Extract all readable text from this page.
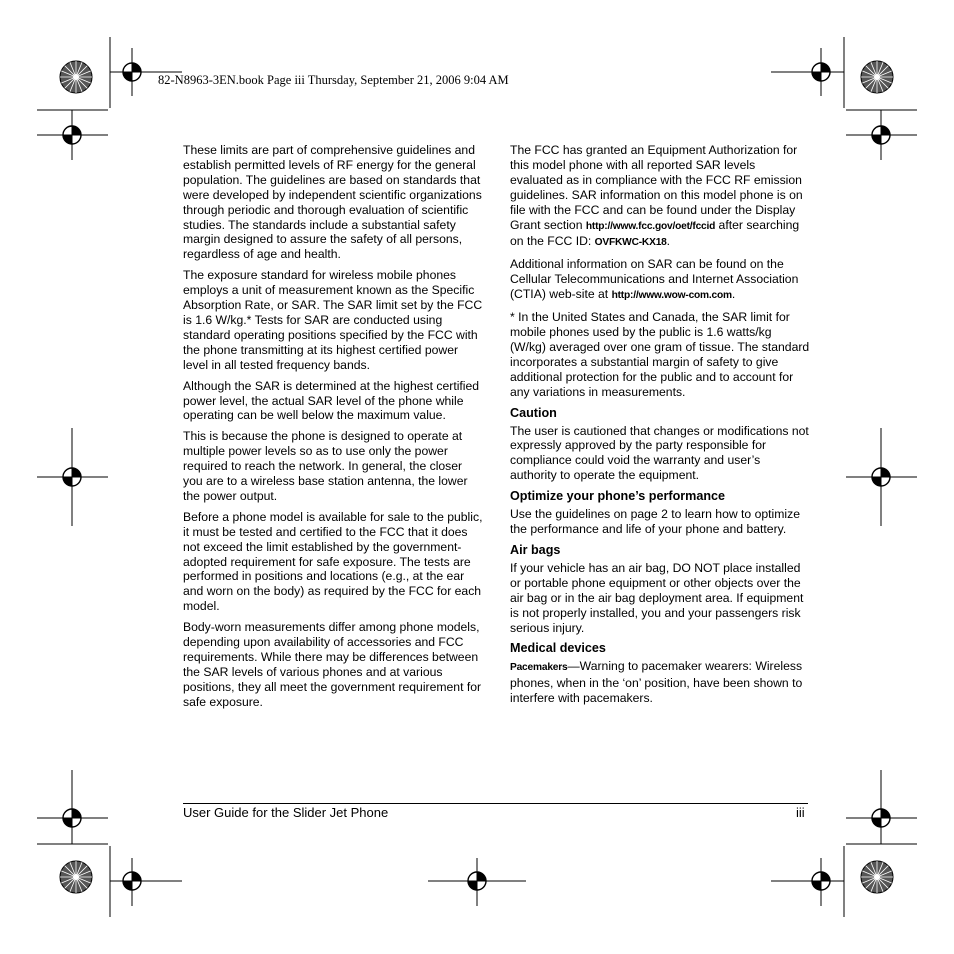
82-N8963-3EN.book Page iii Thursday, September 21, 2006 9:04 AM

These limits are part of comprehensive guidelines and establish permitted levels of RF energy for the general population. The guidelines are based on standards that were developed by independent scientific organizations through periodic and thorough evaluation of scientific studies. The standards include a substantial safety margin designed to assure the safety of all persons, regardless of age and health.

The exposure standard for wireless mobile phones employs a unit of measurement known as the Specific Absorption Rate, or SAR. The SAR limit set by the FCC is 1.6 W/kg.* Tests for SAR are conducted using standard operating positions specified by the FCC with the phone transmitting at its highest certified power level in all tested frequency bands.

Although the SAR is determined at the highest certified power level, the actual SAR level of the phone while operating can be well below the maximum value.

This is because the phone is designed to operate at multiple power levels so as to use only the power required to reach the network. In general, the closer you are to a wireless base station antenna, the lower the power output.

Before a phone model is available for sale to the public, it must be tested and certified to the FCC that it does not exceed the limit established by the government-adopted requirement for safe exposure. The tests are performed in positions and locations (e.g., at the ear and worn on the body) as required by the FCC for each model.

Body-worn measurements differ among phone models, depending upon availability of accessories and FCC requirements. While there may be differences between the SAR levels of various phones and at various positions, they all meet the government requirement for safe exposure.

The FCC has granted an Equipment Authorization for this model phone with all reported SAR levels evaluated as in compliance with the FCC RF emission guidelines. SAR information on this model phone is on file with the FCC and can be found under the Display Grant section http://www.fcc.gov/oet/fccid after searching on the FCC ID: OVFKWC-KX18.

Additional information on SAR can be found on the Cellular Telecommunications and Internet Association (CTIA) web-site at http://www.wow-com.com.

* In the United States and Canada, the SAR limit for mobile phones used by the public is 1.6 watts/kg (W/kg) averaged over one gram of tissue. The standard incorporates a substantial margin of safety to give additional protection for the public and to account for any variations in measurements.

Caution

The user is cautioned that changes or modifications not expressly approved by the party responsible for compliance could void the warranty and user’s authority to operate the equipment.

Optimize your phone’s performance

Use the guidelines on page 2 to learn how to optimize the performance and life of your phone and battery.

Air bags

If your vehicle has an air bag, DO NOT place installed or portable phone equipment or other objects over the air bag or in the air bag deployment area. If equipment is not properly installed, you and your passengers risk serious injury.

Medical devices

Pacemakers—Warning to pacemaker wearers: Wireless phones, when in the ‘on’ position, have been shown to interfere with pacemakers.

User Guide for the Slider Jet Phone	iii
